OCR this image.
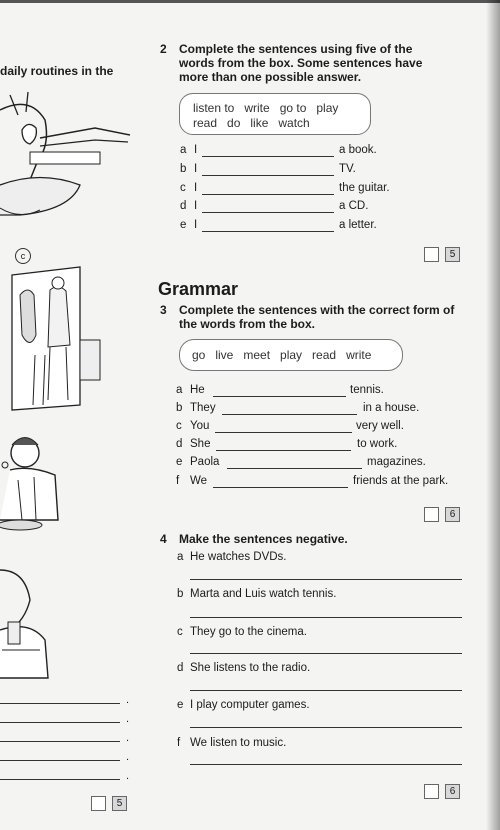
daily routines in the
c
.
.
.
.
.
5
2 Complete the sentences using five of the words from the box. Some sentences have more than one possible answer.
listen to   write   go to   play
read   do   like   watch
a I	a book.
b I	TV.
c I	the guitar.
d I	a CD.
e I	a letter.
5
Grammar
3 Complete the sentences with the correct form of the words from the box.
go   live   meet   play   read   write
a He	tennis.
b They	in a house.
c You	very well.
d She	to work.
e Paola	magazines.
f We	friends at the park.
6
4 Make the sentences negative.
a He watches DVDs.
b Marta and Luis watch tennis.
c They go to the cinema.
d She listens to the radio.
e I play computer games.
f We listen to music.
6
